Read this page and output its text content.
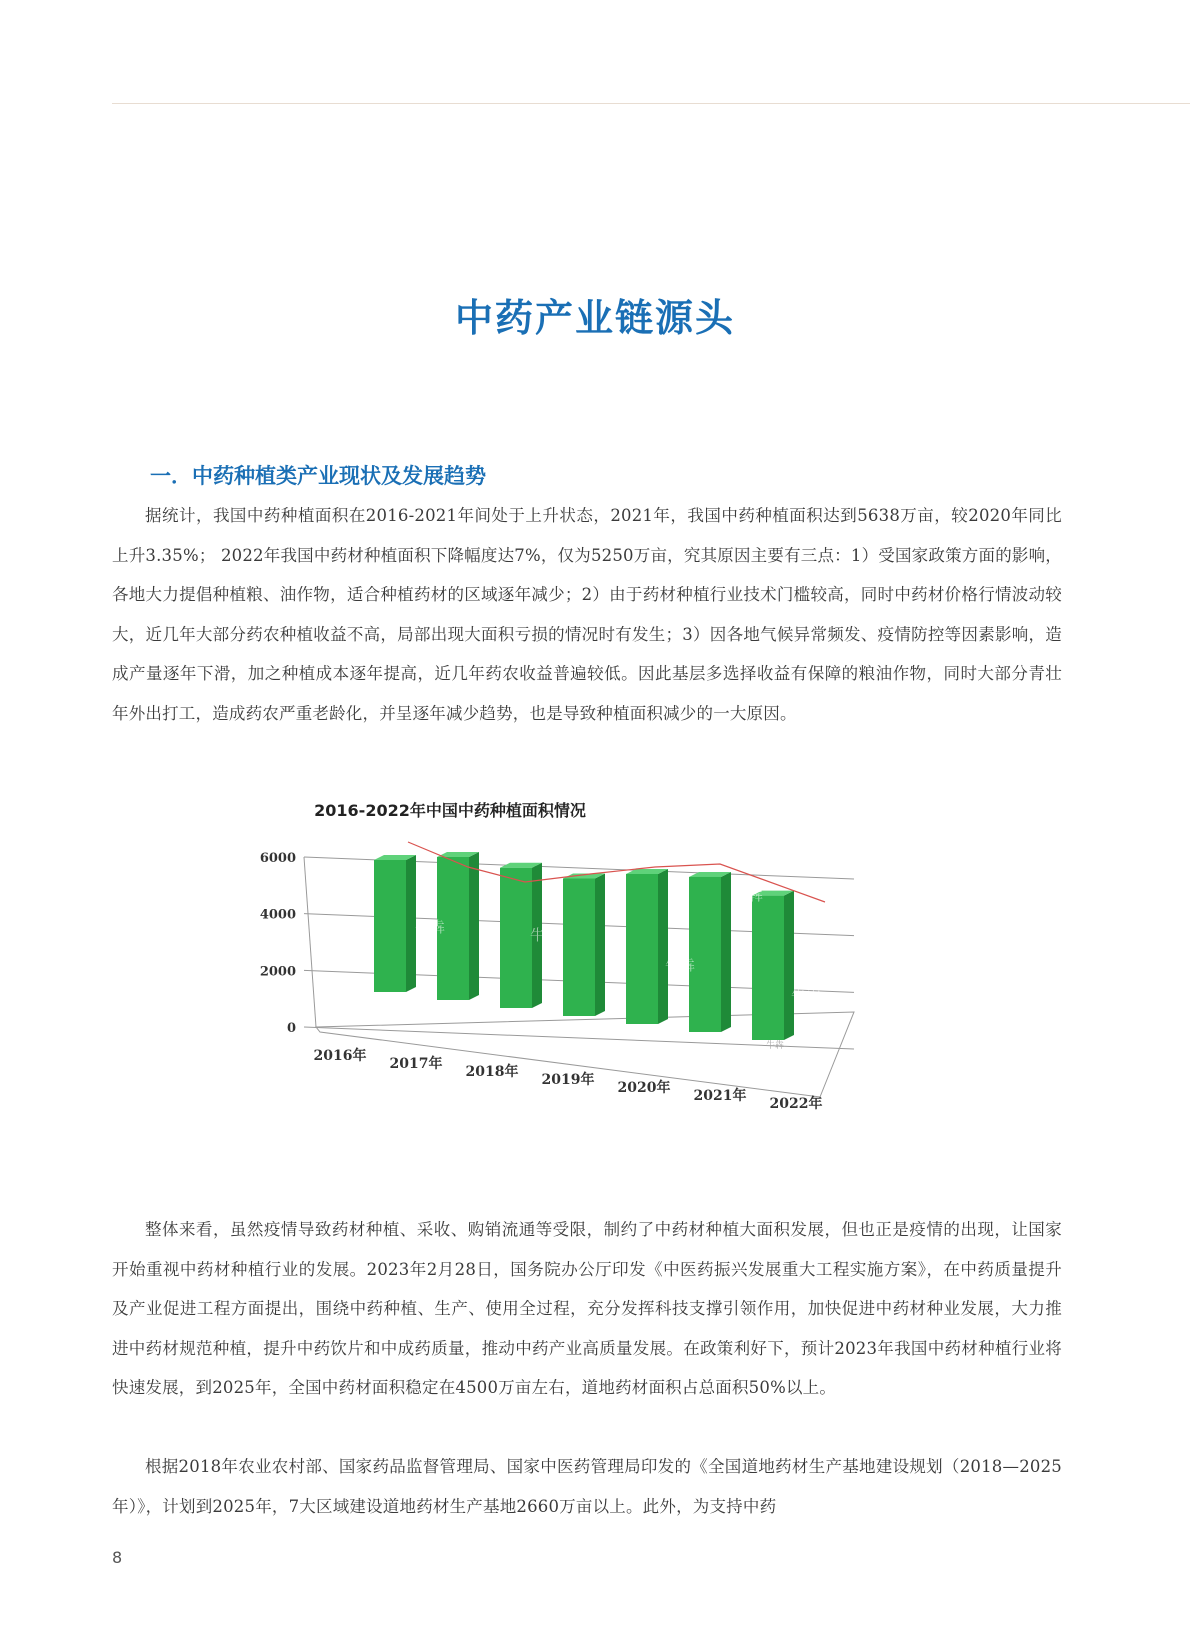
中药产业链源头
一．中药种植类产业现状及发展趋势

据统计，我国中药种植面积在2016-2021年间处于上升状态，2021年，我国中药种植面积达到5638万亩，较2020年同比上升3.35%； 2022年我国中药材种植面积下降幅度达7%，仅为5250万亩，究其原因主要有三点：1）受国家政策方面的影响，各地大力提倡种植粮、油作物，适合种植药材的区域逐年减少；2）由于药材种植行业技术门槛较高，同时中药材价格行情波动较大，近几年大部分药农种植收益不高，局部出现大面积亏损的情况时有发生；3）因各地气候异常频发、疫情防控等因素影响，造成产量逐年下滑，加之种植成本逐年提高，近几年药农收益普遍较低。因此基层多选择收益有保障的粮油作物，同时大部分青壮年外出打工，造成药农严重老龄化，并呈逐年减少趋势，也是导致种植面积减少的一大原因。

2016-2022年中国中药种植面积情况
0
2000
4000
6000
2016年 2017年 2018年 2019年 2020年 2021年 2022年
牛犇	牛犇
牛犇
牛犇
牛犇
牛犇

整体来看，虽然疫情导致药材种植、采收、购销流通等受限，制约了中药材种植大面积发展，但也正是疫情的出现，让国家开始重视中药材种植行业的发展。2023年2月28日，国务院办公厅印发《中医药振兴发展重大工程实施方案》，在中药质量提升及产业促进工程方面提出，围绕中药种植、生产、使用全过程，充分发挥科技支撑引领作用，加快促进中药材种业发展，大力推进中药材规范种植，提升中药饮片和中成药质量，推动中药产业高质量发展。在政策利好下，预计2023年我国中药材种植行业将快速发展，到2025年，全国中药材面积稳定在4500万亩左右，道地药材面积占总面积50%以上。

根据2018年农业农村部、国家药品监督管理局、国家中医药管理局印发的《全国道地药材生产基地建设规划（2018—2025年）》，计划到2025年，7大区域建设道地药材生产基地2660万亩以上。此外，为支持中药

8
